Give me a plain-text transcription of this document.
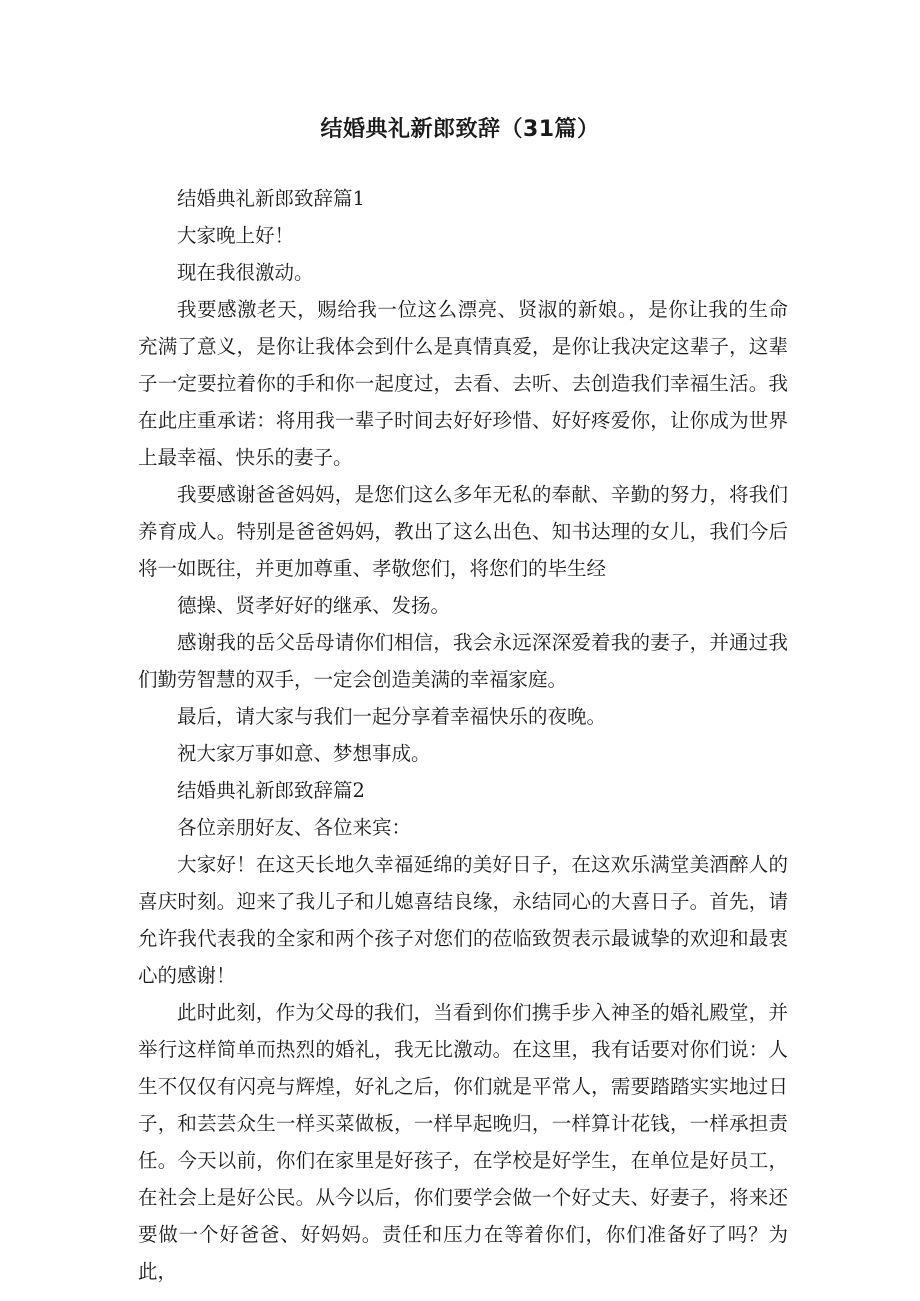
结婚典礼新郎致辞（31篇）

结婚典礼新郎致辞篇1

大家晚上好！

现在我很激动。

我要感激老天，赐给我一位这么漂亮、贤淑的新娘。，是你让我的生命充满了意义，是你让我体会到什么是真情真爱，是你让我决定这辈子，这辈子一定要拉着你的手和你一起度过，去看、去听、去创造我们幸福生活。我在此庄重承诺：将用我一辈子时间去好好珍惜、好好疼爱你，让你成为世界上最幸福、快乐的妻子。

我要感谢爸爸妈妈，是您们这么多年无私的奉献、辛勤的努力，将我们养育成人。特别是爸爸妈妈，教出了这么出色、知书达理的女儿，我们今后将一如既往，并更加尊重、孝敬您们，将您们的毕生经

德操、贤孝好好的继承、发扬。

感谢我的岳父岳母请你们相信，我会永远深深爱着我的妻子，并通过我们勤劳智慧的双手，一定会创造美满的幸福家庭。

最后，请大家与我们一起分享着幸福快乐的夜晚。

祝大家万事如意、梦想事成。

结婚典礼新郎致辞篇2

各位亲朋好友、各位来宾：

大家好！在这天长地久幸福延绵的美好日子，在这欢乐满堂美酒醉人的喜庆时刻。迎来了我儿子和儿媳喜结良缘，永结同心的大喜日子。首先，请允许我代表我的全家和两个孩子对您们的莅临致贺表示最诚挚的欢迎和最衷心的感谢！

此时此刻，作为父母的我们，当看到你们携手步入神圣的婚礼殿堂，并举行这样简单而热烈的婚礼，我无比激动。在这里，我有话要对你们说：人生不仅仅有闪亮与辉煌，好礼之后，你们就是平常人，需要踏踏实实地过日子，和芸芸众生一样买菜做板，一样早起晚归，一样算计花钱，一样承担责任。今天以前，你们在家里是好孩子，在学校是好学生，在单位是好员工，在社会上是好公民。从今以后，你们要学会做一个好丈夫、好妻子，将来还要做一个好爸爸、好妈妈。责任和压力在等着你们，你们准备好了吗？为此，
